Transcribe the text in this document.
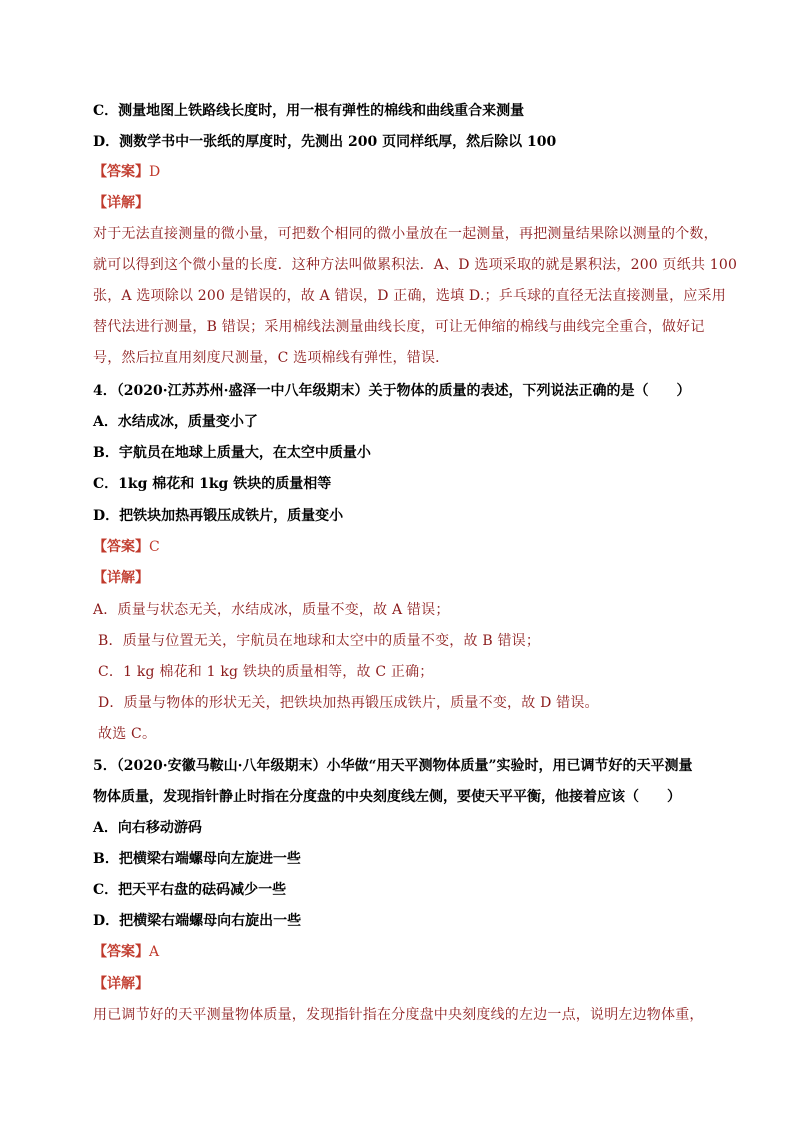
C．测量地图上铁路线长度时，用一根有弹性的棉线和曲线重合来测量
D．测数学书中一张纸的厚度时，先测出 200 页同样纸厚，然后除以 100
【答案】D
【详解】
对于无法直接测量的微小量，可把数个相同的微小量放在一起测量，再把测量结果除以测量的个数，
就可以得到这个微小量的长度．这种方法叫做累积法．A、D 选项采取的就是累积法，200 页纸共 100
张，A 选项除以 200 是错误的，故 A 错误，D 正确，选填 D.；乒乓球的直径无法直接测量，应采用
替代法进行测量，B 错误；采用棉线法测量曲线长度，可让无伸缩的棉线与曲线完全重合，做好记
号，然后拉直用刻度尺测量，C 选项棉线有弹性，错误．
4．（2020·江苏苏州·盛泽一中八年级期末）关于物体的质量的表述，下列说法正确的是（　　）
A．水结成冰，质量变小了
B．宇航员在地球上质量大，在太空中质量小
C．1kg 棉花和 1kg 铁块的质量相等
D．把铁块加热再锻压成铁片，质量变小
【答案】C
【详解】
A．质量与状态无关，水结成冰，质量不变，故 A 错误；
B．质量与位置无关，宇航员在地球和太空中的质量不变，故 B 错误；
C．1 kg 棉花和 1 kg 铁块的质量相等，故 C 正确；
D．质量与物体的形状无关，把铁块加热再锻压成铁片，质量不变，故 D 错误。
故选 C。
5．（2020·安徽马鞍山·八年级期末）小华做“用天平测物体质量”实验时，用已调节好的天平测量
物体质量，发现指针静止时指在分度盘的中央刻度线左侧，要使天平平衡，他接着应该（　　）
A．向右移动游码
B．把横梁右端螺母向左旋进一些
C．把天平右盘的砝码减少一些
D．把横梁右端螺母向右旋出一些
【答案】A
【详解】
用已调节好的天平测量物体质量，发现指针指在分度盘中央刻度线的左边一点，说明左边物体重，
